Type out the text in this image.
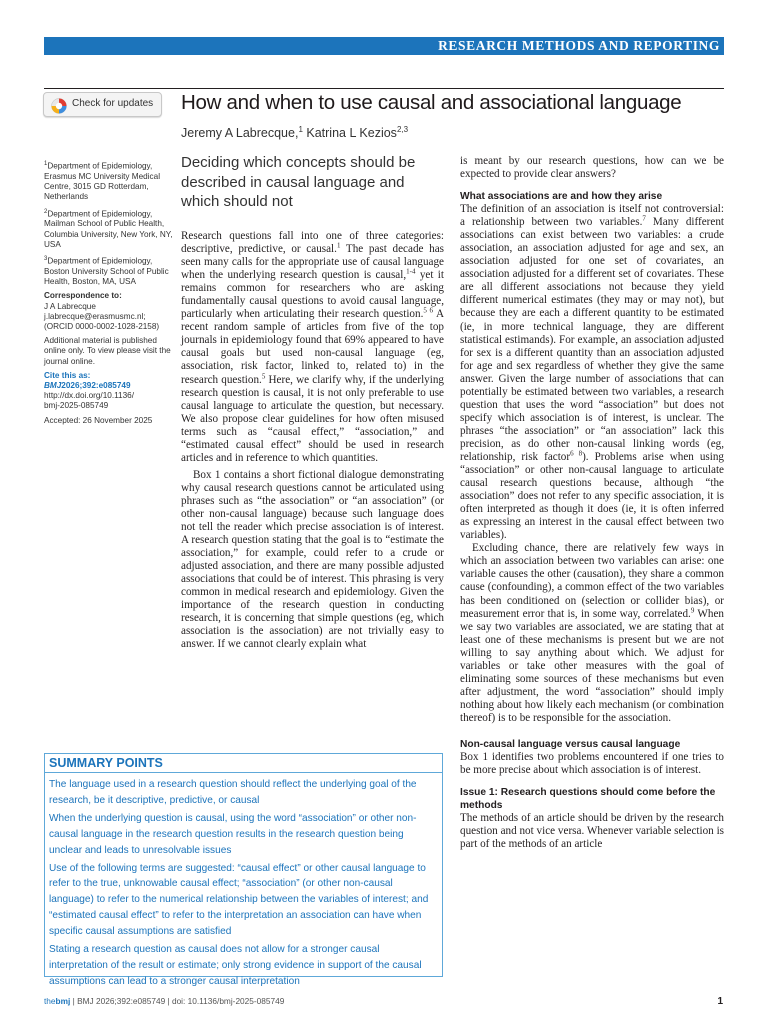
RESEARCH METHODS AND REPORTING
Check for updates How and when to use causal and associational language
Jeremy A Labrecque,$^1$ Katrina L Kezios$^{2,3}$

$^1$Department of Epidemiology, Erasmus MC University Medical Centre, 3015 GD Rotterdam, Netherlands

$^2$Department of Epidemiology, Mailman School of Public Health, Columbia University, New York, NY, USA

$^3$Department of Epidemiology, Boston University School of Public Health, Boston, MA, USA

Correspondence to:
J A Labrecque
j.labrecque@erasmusmc.nl;
(ORCID 0000-0002-1028-2158)

Additional material is published online only. To view please visit the journal online.

Cite this as: BMJ2026;392:e085749
http://dx.doi.org/10.1136/
bmj-2025-085749

Accepted: 26 November 2025

Deciding which concepts should be described in causal language and which should not

Research questions fall into one of three categories: descriptive, predictive, or causal.$^1$ The past decade has seen many calls for the appropriate use of causal language when the underlying research question is causal,$^{1-4}$ yet it remains common for researchers who are asking fundamentally causal questions to avoid causal language, particularly when articulating their research question.$^{5 6}$ A recent random sample of articles from five of the top journals in epidemiology found that 69% appeared to have causal goals but used non-causal language (eg, association, risk factor, linked to, related to) in the research question.$^5$ Here, we clarify why, if the underlying research question is causal, it is not only preferable to use causal language to articulate the question, but necessary. We also propose clear guidelines for how often misused terms such as “causal effect,” “association,” and “estimated causal effect” should be used in research articles and in reference to which quantities.

Box 1 contains a short fictional dialogue demonstrating why causal research questions cannot be articulated using phrases such as “the association” or “an association” (or other non-causal language) because such language does not tell the reader which precise association is of interest. A research question stating that the goal is to “estimate the association,” for example, could refer to a crude or adjusted association, and there are many possible adjusted associations that could be of interest. This phrasing is very common in medical research and epidemiology. Given the importance of the research question in conducting research, it is concerning that simple questions (eg, which association is the association) are not trivially easy to answer. If we cannot clearly explain what

is meant by our research questions, how can we be expected to provide clear answers?

What associations are and how they arise

The definition of an association is itself not controversial: a relationship between two variables.$^7$ Many different associations can exist between two variables: a crude association, an association adjusted for age and sex, an association adjusted for one set of covariates, an association adjusted for a different set of covariates. These are all different associations not because they yield different numerical estimates (they may or may not), but because they are each a different quantity to be estimated (ie, in more technical language, they are different statistical estimands). For example, an association adjusted for sex is a different quantity than an association adjusted for age and sex regardless of whether they give the same answer. Given the large number of associations that can potentially be estimated between two variables, a research question that uses the word “association” but does not specify which association is of interest, is unclear. The phrases “the association” or “an association” lack this precision, as do other non-causal linking words (eg, relationship, risk factor$^{6 8}$). Problems arise when using “association” or other non-causal language to articulate causal research questions because, although “the association” does not refer to any specific association, it is often interpreted as though it does (ie, it is often inferred as expressing an interest in the causal effect between two variables).

Excluding chance, there are relatively few ways in which an association between two variables can arise: one variable causes the other (causation), they share a common cause (confounding), a common effect of the two variables has been conditioned on (selection or collider bias), or measurement error that is, in some way, correlated.$^9$ When we say two variables are associated, we are stating that at least one of these mechanisms is present but we are not willing to say anything about which. We adjust for variables or take other measures with the goal of eliminating some sources of these mechanisms but even after adjustment, the word “association” should imply nothing about how likely each mechanism (or combination thereof) is to be responsible for the association.

Non-causal language versus causal language

Box 1 identifies two problems encountered if one tries to be more precise about which association is of interest.

Issue 1: Research questions should come before the methods

The methods of an article should be driven by the research question and not vice versa. Whenever variable selection is part of the methods of an article

SUMMARY POINTS

The language used in a research question should reflect the underlying goal of the research, be it descriptive, predictive, or causal

When the underlying question is causal, using the word “association” or other non-causal language in the research question results in the research question being unclear and leads to unresolvable issues

Use of the following terms are suggested: “causal effect” or other causal language to refer to the true, unknowable causal effect; “association” (or other non-causal language) to refer to the numerical relationship between the variables of interest; and “estimated causal effect” to refer to the interpretation an association can have when specific causal assumptions are satisfied

Stating a research question as causal does not allow for a stronger causal interpretation of the result or estimate; only strong evidence in support of the causal assumptions can lead to a stronger causal interpretation

thebmj | BMJ 2026;392:e085749 | doi: 10.1136/bmj-2025-085749	1
